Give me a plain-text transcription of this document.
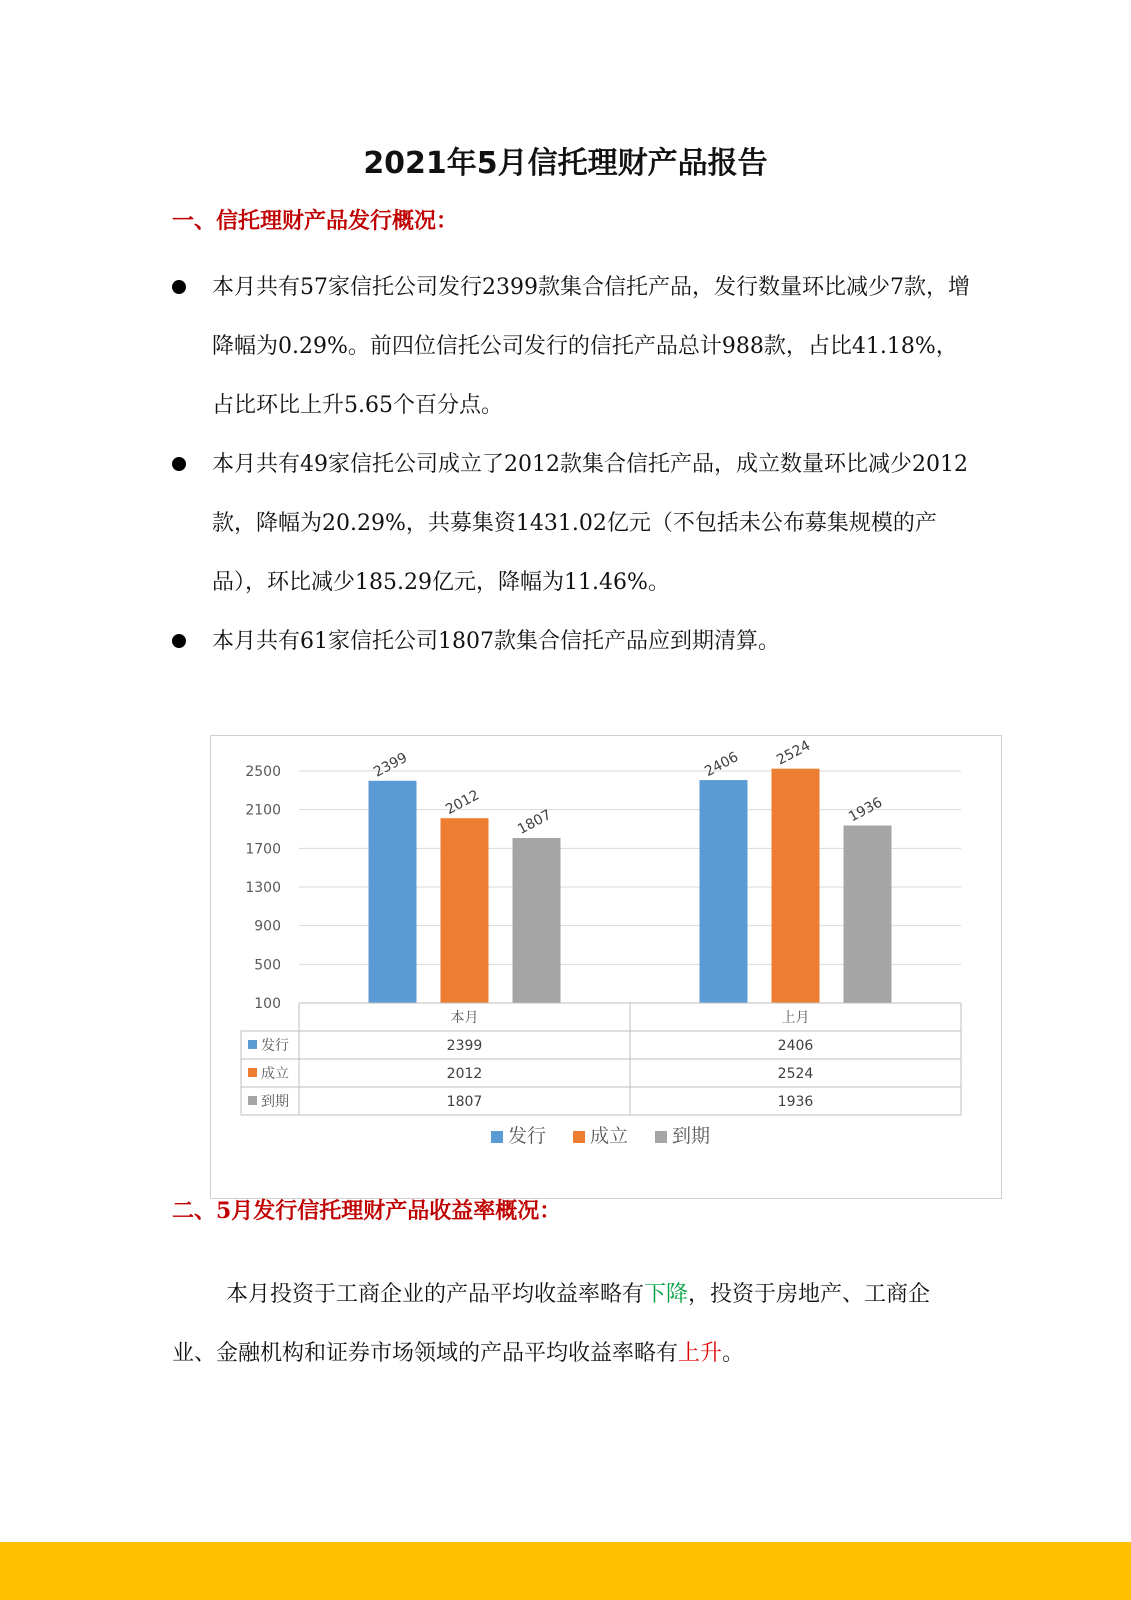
2021年5月信托理财产品报告
一、信托理财产品发行概况：
本月共有57家信托公司发行2399款集合信托产品，发行数量环比减少7款，增降幅为0.29%。前四位信托公司发行的信托产品总计988款，占比41.18%，占比环比上升5.65个百分点。
本月共有49家信托公司成立了2012款集合信托产品，成立数量环比减少2012款，降幅为20.29%，共募集资1431.02亿元（不包括未公布募集规模的产品），环比减少185.29亿元，降幅为11.46%。
本月共有61家信托公司1807款集合信托产品应到期清算。
100
500
900
1300
1700
2100
2500	2399	2406
2012
2524
1807	1936
本月	上月
发行	2399	2406
成立	2012	2524
到期	1807	1936
发行 成立 到期
二、5月发行信托理财产品收益率概况：

本月投资于工商企业的产品平均收益率略有下降，投资于房地产、工商企业、金融机构和证券市场领域的产品平均收益率略有上升。
